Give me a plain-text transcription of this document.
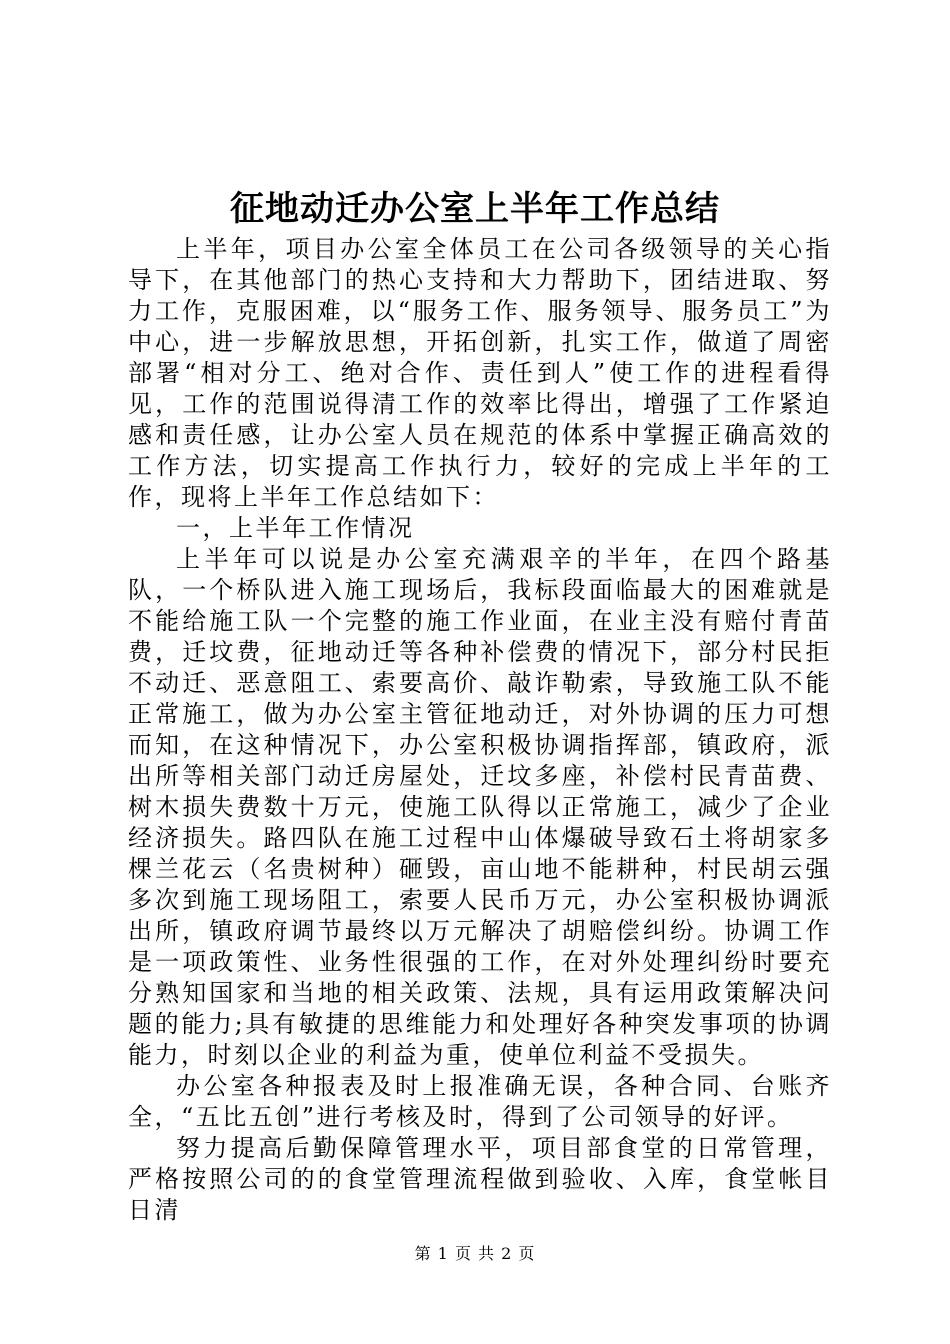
征地动迁办公室上半年工作总结

上半年，项目办公室全体员工在公司各级领导的关心指导下，在其他部门的热心支持和大力帮助下，团结进取、努力工作，克服困难，以“服务工作、服务领导、服务员工”为中心，进一步解放思想，开拓创新，扎实工作，做道了周密部署“相对分工、绝对合作、责任到人”使工作的进程看得见，工作的范围说得清工作的效率比得出，增强了工作紧迫感和责任感，让办公室人员在规范的体系中掌握正确高效的工作方法，切实提高工作执行力，较好的完成上半年的工作，现将上半年工作总结如下：

一，上半年工作情况

上半年可以说是办公室充满艰辛的半年，在四个路基队，一个桥队进入施工现场后，我标段面临最大的困难就是不能给施工队一个完整的施工作业面，在业主没有赔付青苗费，迁坟费，征地动迁等各种补偿费的情况下，部分村民拒不动迁、恶意阻工、索要高价、敲诈勒索，导致施工队不能正常施工，做为办公室主管征地动迁，对外协调的压力可想而知，在这种情况下，办公室积极协调指挥部，镇政府，派出所等相关部门动迁房屋处，迁坟多座，补偿村民青苗费、树木损失费数十万元，使施工队得以正常施工，减少了企业经济损失。路四队在施工过程中山体爆破导致石土将胡家多棵兰花云（名贵树种）砸毁，亩山地不能耕种，村民胡云强多次到施工现场阻工，索要人民币万元，办公室积极协调派出所，镇政府调节最终以万元解决了胡赔偿纠纷。协调工作是一项政策性、业务性很强的工作，在对外处理纠纷时要充分熟知国家和当地的相关政策、法规，具有运用政策解决问题的能力;具有敏捷的思维能力和处理好各种突发事项的协调能力，时刻以企业的利益为重，使单位利益不受损失。

办公室各种报表及时上报准确无误，各种合同、台账齐全，“五比五创”进行考核及时，得到了公司领导的好评。

努力提高后勤保障管理水平，项目部食堂的日常管理，严格按照公司的的食堂管理流程做到验收、入库，食堂帐目日清

第 1 页 共 2 页
